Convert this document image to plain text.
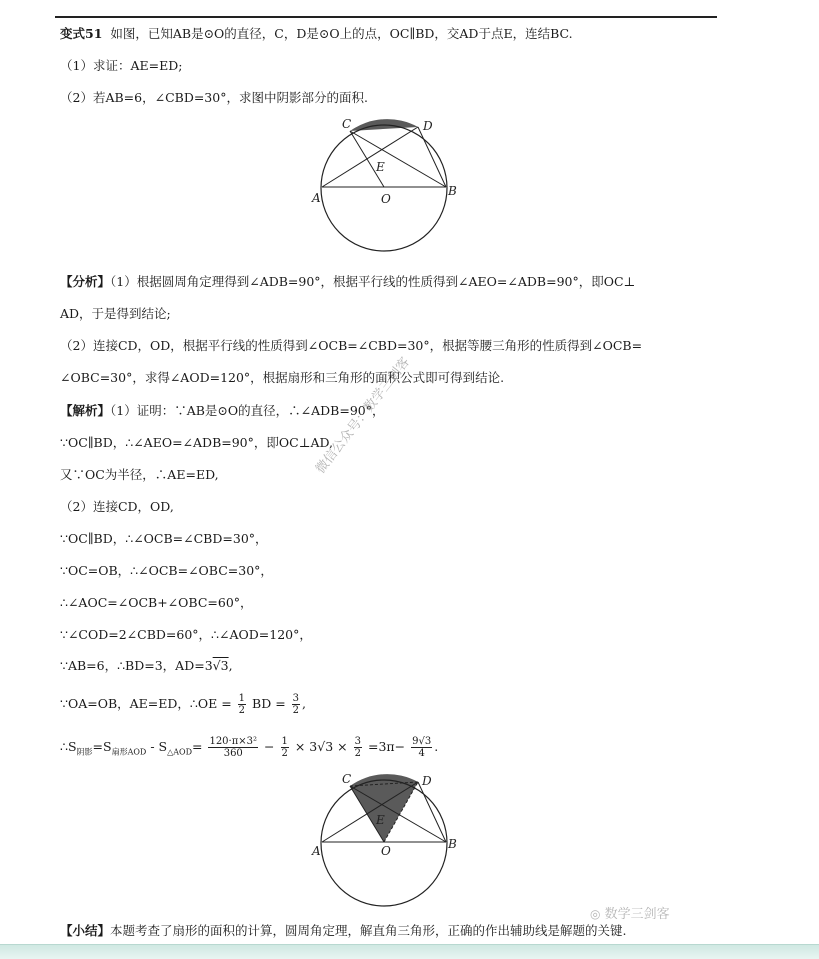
变式51 如图，已知AB是⊙O的直径，C，D是⊙O上的点，OC∥BD，交AD于点E，连结BC.
（1）求证：AE=ED;
（2）若AB=6，∠CBD=30°，求图中阴影部分的面积.
C	D
E
A	O
B
【分析】（1）根据圆周角定理得到∠ADB=90°，根据平行线的性质得到∠AEO=∠ADB=90°，即OC⊥
AD，于是得到结论;
（2）连接CD，OD，根据平行线的性质得到∠OCB=∠CBD=30°，根据等腰三角形的性质得到∠OCB=
∠OBC=30°，求得∠AOD=120°，根据扇形和三角形的面积公式即可得到结论.
【解析】（1）证明：∵AB是⊙O的直径，∴∠ADB=90°，
∵OC∥BD，∴∠AEO=∠ADB=90°，即OC⊥AD,
又∵OC为半径，∴AE=ED,
（2）连接CD，OD,
∵OC∥BD，∴∠OCB=∠CBD=30°，
∵OC=OB，∴∠OCB=∠OBC=30°，
∴∠AOC=∠OCB+∠OBC=60°，
∵∠COD=2∠CBD=60°，∴∠AOD=120°，
∵AB=6，∴BD=3，AD=3√3,
∵OA=OB，AE=ED，∴OE = $\frac{1}{2}$ BD = $\frac{3}{2}$ ,
$\therefore S_{阴影}=S_{扇形AOD} - S_{\triangle AOD}= \frac{\text{120·π×3²}}{360} - \frac{1}{2} \times 3√3 \times \frac{3}{2} =3\pi- \frac{9√3}{4}$ .
C	D
E
A	O	B
【小结】本题考查了扇形的面积的计算，圆周角定理，解直角三角形，正确的作出辅助线是解题的关键.
微信公众号：数学三剑客
◎ 数学三剑客
